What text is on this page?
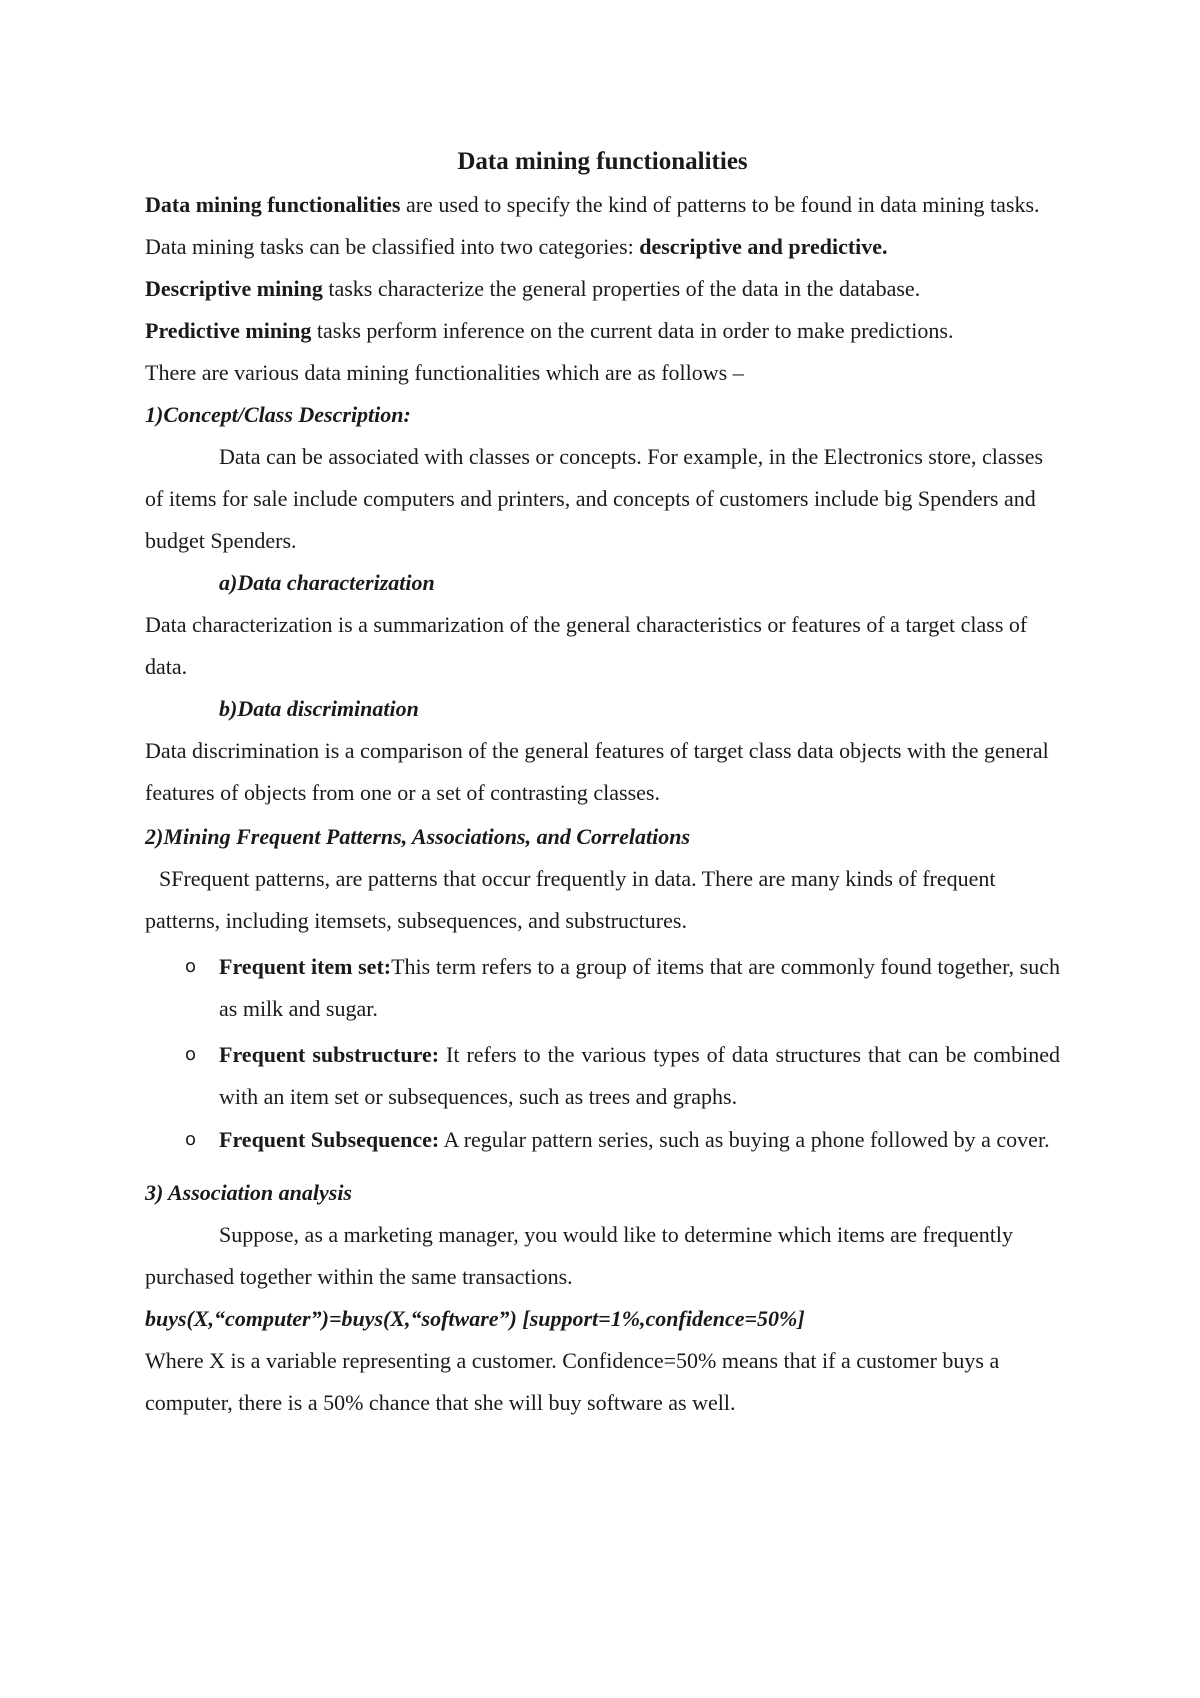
Data mining functionalities

Data mining functionalities are used to specify the kind of patterns to be found in data mining tasks. Data mining tasks can be classified into two categories: descriptive and predictive.

Descriptive mining tasks characterize the general properties of the data in the database.

Predictive mining tasks perform inference on the current data in order to make predictions.

There are various data mining functionalities which are as follows –

1)Concept/Class Description:

Data can be associated with classes or concepts. For example, in the Electronics store, classes of items for sale include computers and printers, and concepts of customers include big Spenders and budget Spenders.

a)Data characterization

Data characterization is a summarization of the general characteristics or features of a target class of data.

b)Data discrimination

Data discrimination is a comparison of the general features of target class data objects with the general features of objects from one or a set of contrasting classes.

2)Mining Frequent Patterns, Associations, and Correlations

SFrequent patterns, are patterns that occur frequently in data. There are many kinds of frequent patterns, including itemsets, subsequences, and substructures.

o Frequent item set:This term refers to a group of items that are commonly found together, such as milk and sugar.
o Frequent substructure: It refers to the various types of data structures that can be combined with an item set or subsequences, such as trees and graphs.
o Frequent Subsequence: A regular pattern series, such as buying a phone followed by a cover.

3) Association analysis

Suppose, as a marketing manager, you would like to determine which items are frequently purchased together within the same transactions.

buys(X,“computer”)=buys(X,“software”) [support=1%,confidence=50%]

Where X is a variable representing a customer. Confidence=50% means that if a customer buys a computer, there is a 50% chance that she will buy software as well.
